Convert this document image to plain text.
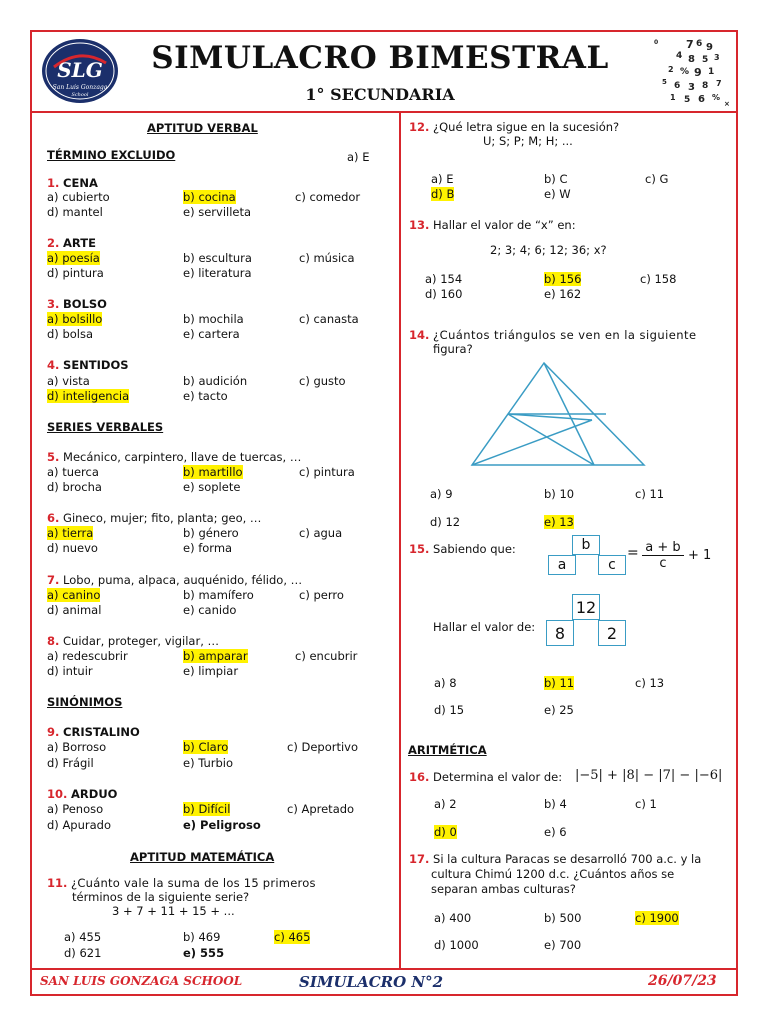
SLG
San Luis Gonzaga
School
SIMULACRO BIMESTRAL
1° SECUNDARIA
7 6 9
4 8 5 3
2 % 9 1
5 6 3 8 7
1 5 6 %
×
0
APTITUD VERBAL
TÉRMINO EXCLUIDO	a) E
1. CENA
a) cubierto	b) cocina	c) comedor
d) mantel	e) servilleta
2. ARTE
a) poesía	b) escultura	c) música
d) pintura	e) literatura
3. BOLSO
a) bolsillo	b) mochila	c) canasta
d) bolsa	e) cartera
4. SENTIDOS
a) vista	b) audición	c) gusto
d) inteligencia	e) tacto
SERIES VERBALES
5. Mecánico, carpintero, llave de tuercas, …
a) tuerca	b) martillo	c) pintura
d) brocha	e) soplete
6. Gineco, mujer; fito, planta; geo, …
a) tierra	b) género	c) agua
d) nuevo	e) forma
7. Lobo, puma, alpaca, auquénido, félido, …
a) canino	b) mamífero	c) perro
d) animal	e) canido
8. Cuidar, proteger, vigilar, …
a) redescubrir	b) amparar	c) encubrir
d) intuir	e) limpiar
SINÓNIMOS
9. CRISTALINO
a) Borroso	b) Claro	c) Deportivo
d) Frágil	e) Turbio
10. ARDUO
a) Penoso	b) Difícil	c) Apretado
d) Apurado	e) Peligroso
APTITUD MATEMÁTICA
11. ¿Cuánto vale la suma de los 15 primeros
términos de la siguiente serie?
3 + 7 + 11 + 15 + ...
a) 455	b) 469	c) 465
d) 621	e) 555
12. ¿Qué letra sigue en la sucesión?
U; S; P; M; H; ...
a) E	b) C	c) G
d) B	e) W
13. Hallar el valor de “x” en:
2; 3; 4; 6; 12; 36; x?
a) 154	b) 156	c) 158
d) 160	e) 162
14. ¿Cuántos triángulos se ven en la siguiente
figura?
a) 9	b) 10	c) 11
d) 12	e) 13
15. Sabiendo que:	b
a	c
= a + b
c
+ 1
Hallar el valor de:
12
8	2
a) 8	b) 11	c) 13
d) 15	e) 25
ARITMÉTICA
16. Determina el valor de: |−5| + |8| − |7| − |−6|
a) 2	b) 4	c) 1
d) 0	e) 6
17. Si la cultura Paracas se desarrolló 700 a.c. y la
cultura Chimú 1200 d.c. ¿Cuántos años se
separan ambas culturas?
a) 400	b) 500	c) 1900
d) 1000	e) 700
SAN LUIS GONZAGA SCHOOL	SIMULACRO N°2	26/07/23
